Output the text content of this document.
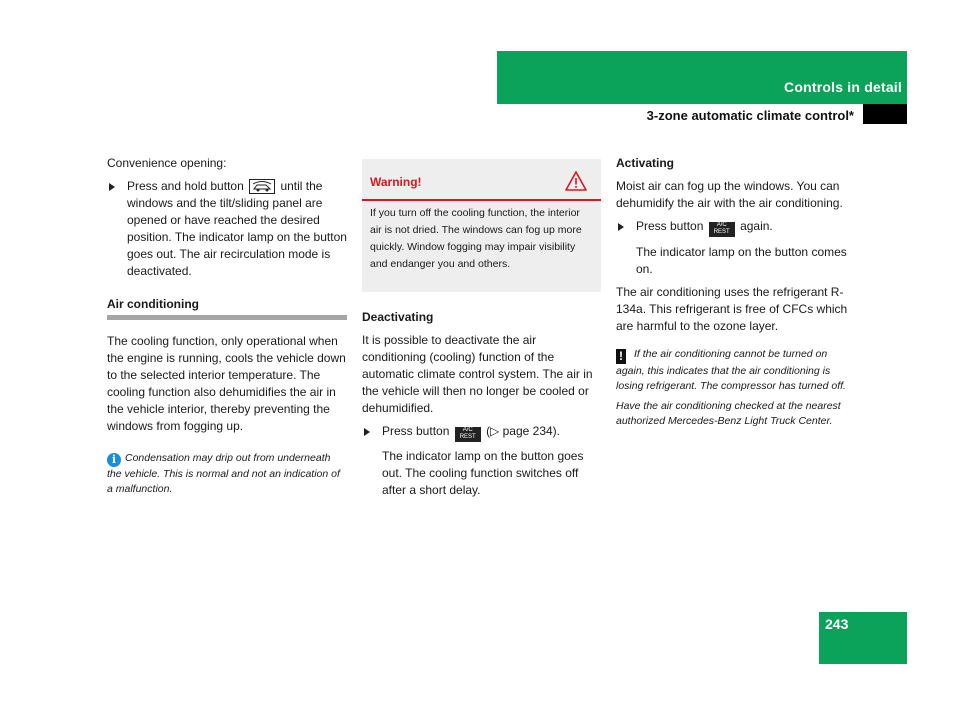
Controls in detail
3-zone automatic climate control*

Convenience opening:

Press and hold button	until the windows and the tilt/sliding panel are opened or have reached the desired position. The indicator lamp on the button goes out. The air recirculation mode is deactivated.

Air conditioning

The cooling function, only operational when the engine is running, cools the vehicle down to the selected interior temperature. The cooling function also dehumidifies the air in the vehicle interior, thereby preventing the windows from fogging up.

i Condensation may drip out from underneath the vehicle. This is normal and not an indication of a malfunction.

Warning!
If you turn off the cooling function, the interior air is not dried. The windows can fog up more quickly. Window fogging may impair visibility and endanger you and others.
Deactivating

It is possible to deactivate the air conditioning (cooling) function of the automatic climate control system. The air in the vehicle will then no longer be cooled or dehumidified.

Press button	A/C
REST (▷ page 234).

The indicator lamp on the button goes out. The cooling function switches off after a short delay.

Activating

Moist air can fog up the windows. You can dehumidify the air with the air conditioning.

Press button	A/C
REST again.

The indicator lamp on the button comes on.

The air conditioning uses the refrigerant R-134a. This refrigerant is free of CFCs which are harmful to the ozone layer.

! If the air conditioning cannot be turned on again, this indicates that the air conditioning is losing refrigerant. The compressor has turned off.

Have the air conditioning checked at the nearest authorized Mercedes-Benz Light Truck Center.

243
